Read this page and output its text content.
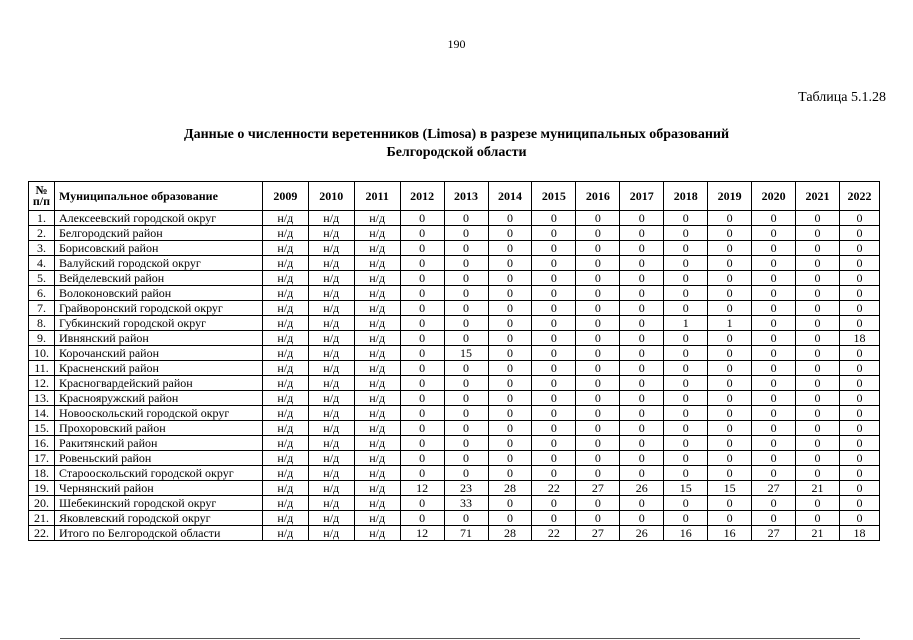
190
Таблица 5.1.28
Данные о численности веретенников (Limosa) в разрезе муниципальных образований
Белгородской области
№
п/п	Муниципальное образование	2009	2010	2011	2012	2013	2014	2015	2016	2017	2018	2019	2020	2021	2022
1.	Алексеевский городской округ	н/д	н/д	н/д	0	0	0	0	0	0	0	0	0	0	0
2.	Белгородский район	н/д	н/д	н/д	0	0	0	0	0	0	0	0	0	0	0
3.	Борисовский район	н/д	н/д	н/д	0	0	0	0	0	0	0	0	0	0	0
4.	Валуйский городской округ	н/д	н/д	н/д	0	0	0	0	0	0	0	0	0	0	0
5.	Вейделевский район	н/д	н/д	н/д	0	0	0	0	0	0	0	0	0	0	0
6.	Волоконовский район	н/д	н/д	н/д	0	0	0	0	0	0	0	0	0	0	0
7.	Грайворонский городской округ	н/д	н/д	н/д	0	0	0	0	0	0	0	0	0	0	0
8.	Губкинский городской округ	н/д	н/д	н/д	0	0	0	0	0	0	1	1	0	0	0
9.	Ивнянский район	н/д	н/д	н/д	0	0	0	0	0	0	0	0	0	0	18
10.	Корочанский район	н/д	н/д	н/д	0	15	0	0	0	0	0	0	0	0	0
11.	Красненский район	н/д	н/д	н/д	0	0	0	0	0	0	0	0	0	0	0
12.	Красногвардейский район	н/д	н/д	н/д	0	0	0	0	0	0	0	0	0	0	0
13.	Краснояружский район	н/д	н/д	н/д	0	0	0	0	0	0	0	0	0	0	0
14.	Новооскольский городской округ	н/д	н/д	н/д	0	0	0	0	0	0	0	0	0	0	0
15.	Прохоровский район	н/д	н/д	н/д	0	0	0	0	0	0	0	0	0	0	0
16.	Ракитянский район	н/д	н/д	н/д	0	0	0	0	0	0	0	0	0	0	0
17.	Ровеньский район	н/д	н/д	н/д	0	0	0	0	0	0	0	0	0	0	0
18.	Старооскольский городской округ	н/д	н/д	н/д	0	0	0	0	0	0	0	0	0	0	0
19.	Чернянский район	н/д	н/д	н/д	12	23	28	22	27	26	15	15	27	21	0
20.	Шебекинский городской округ	н/д	н/д	н/д	0	33	0	0	0	0	0	0	0	0	0
21.	Яковлевский городской округ	н/д	н/д	н/д	0	0	0	0	0	0	0	0	0	0	0
22.	Итого по Белгородской области	н/д	н/д	н/д	12	71	28	22	27	26	16	16	27	21	18
